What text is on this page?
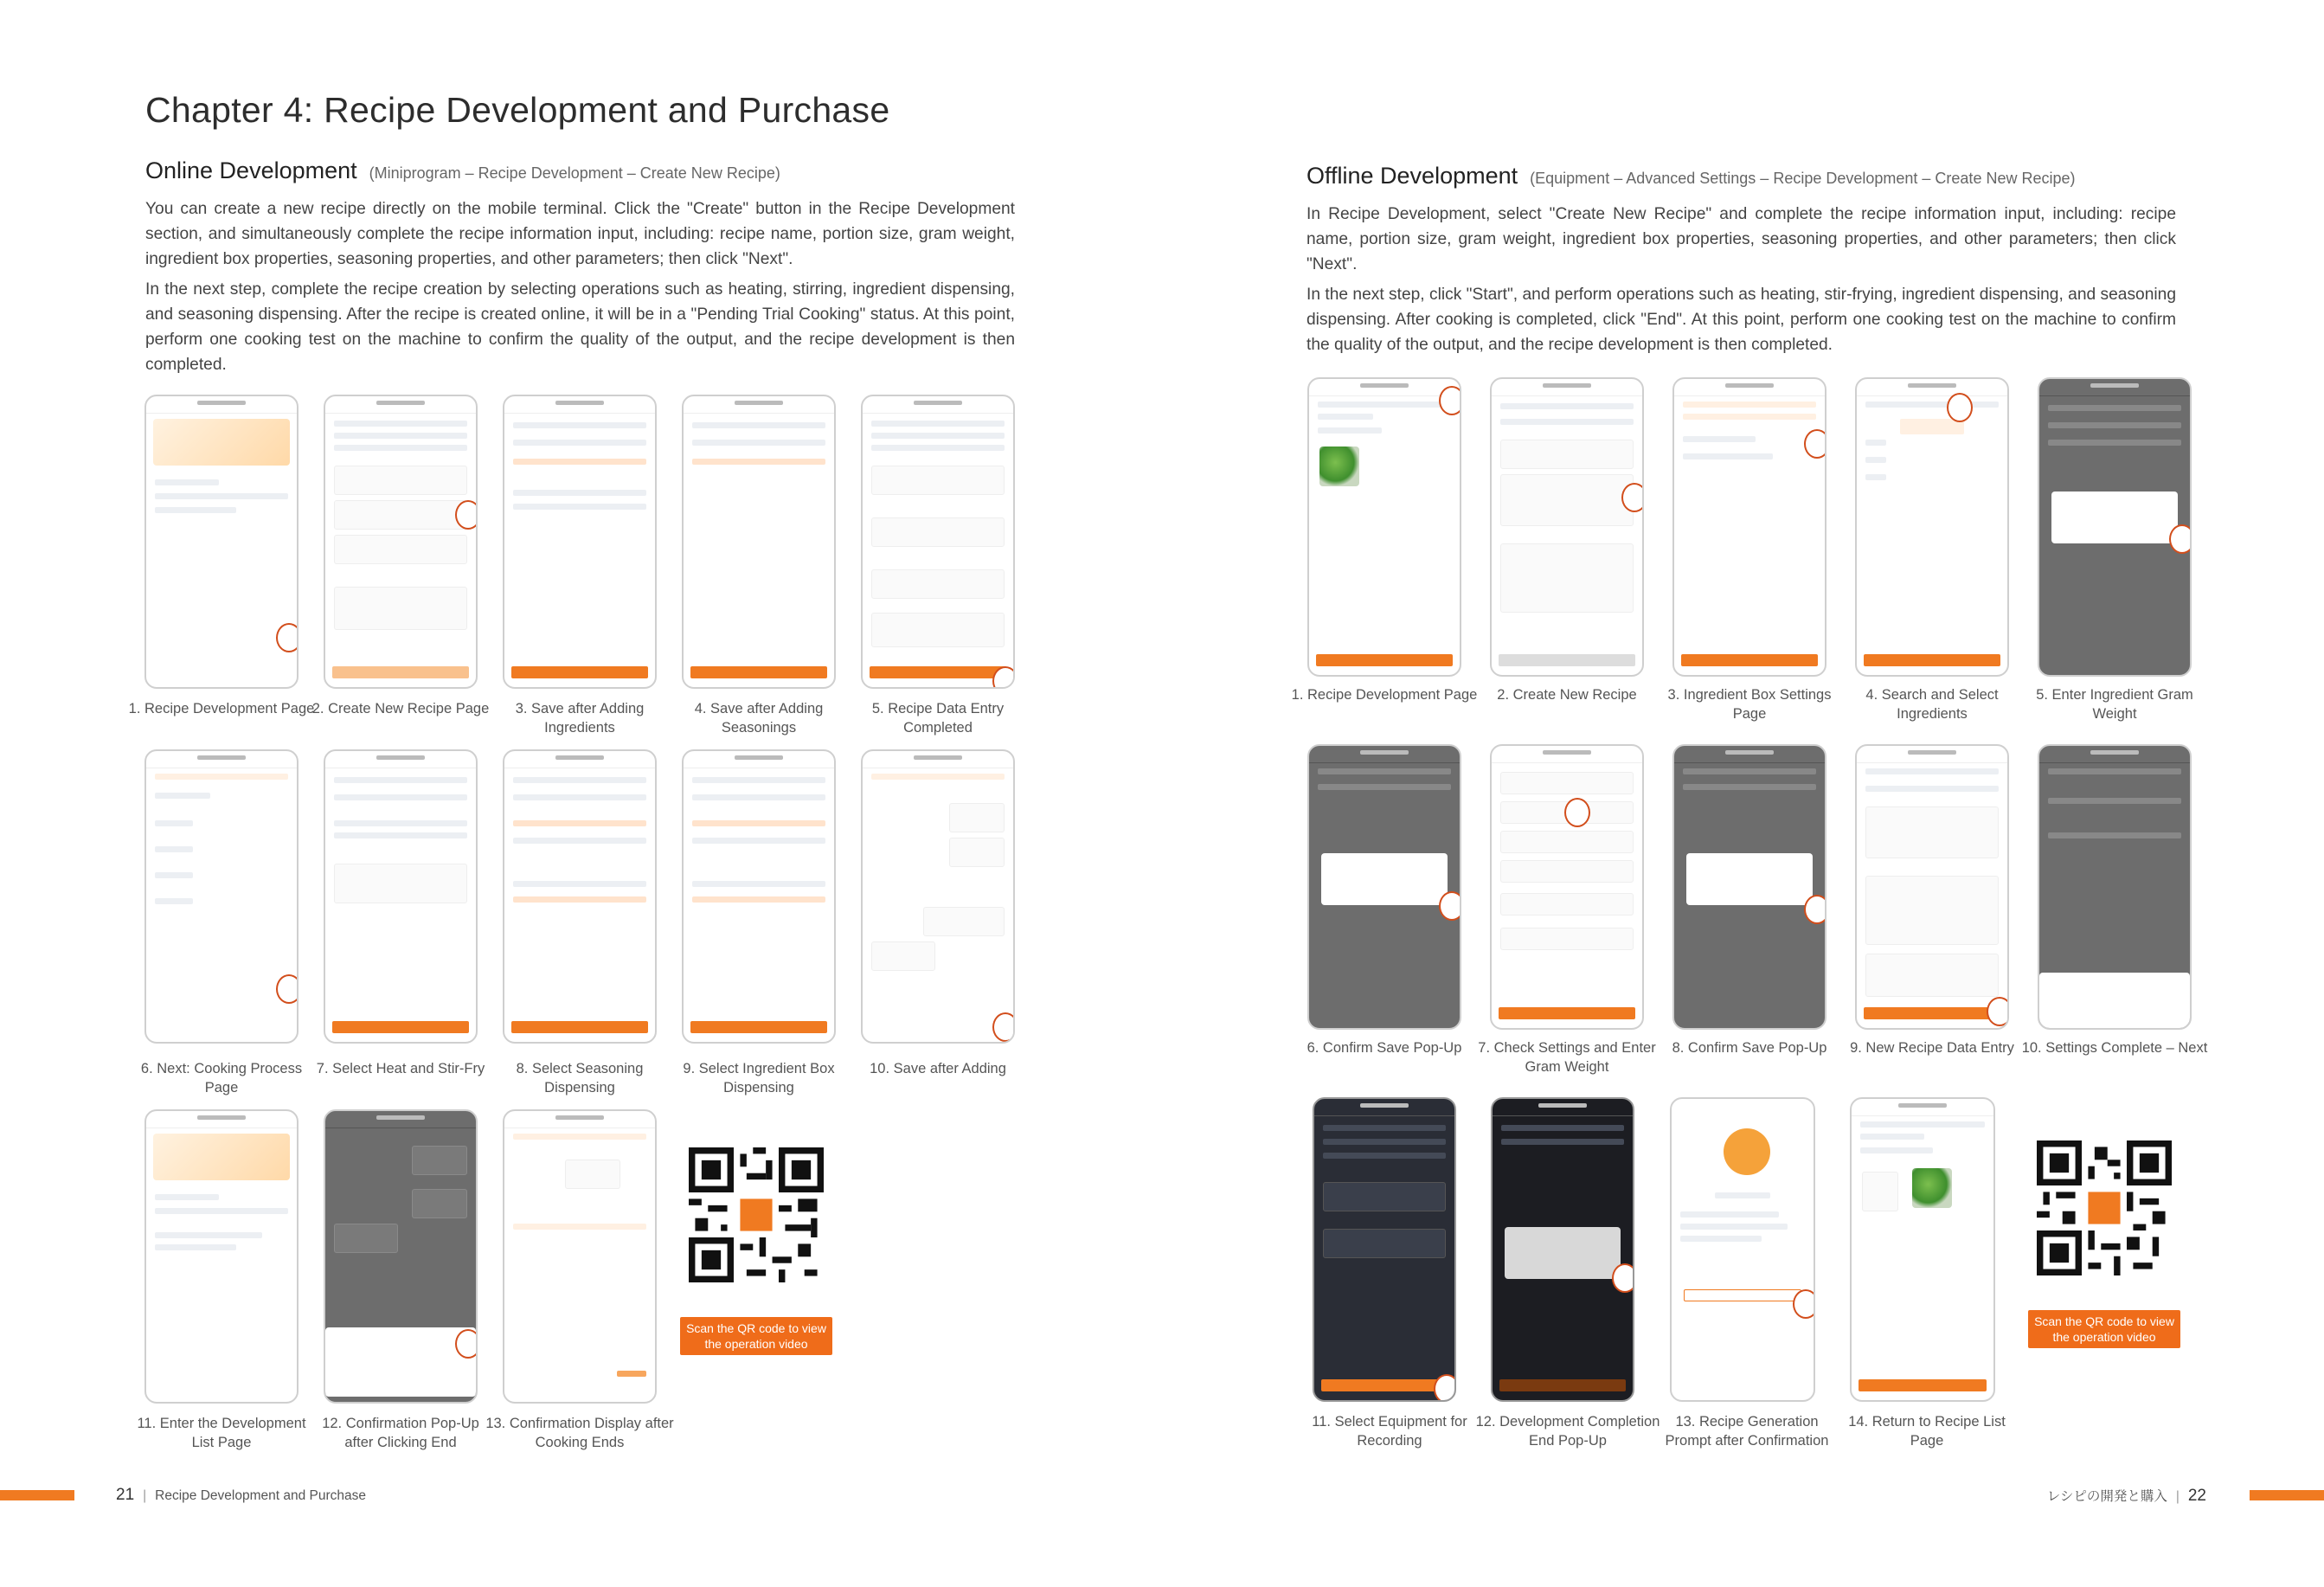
Chapter 4: Recipe Development and Purchase
Online Development (Miniprogram – Recipe Development – Create New Recipe)

You can create a new recipe directly on the mobile terminal. Click the "Create" button in the Recipe Development section, and simultaneously complete the recipe information input, including: recipe name, portion size, gram weight, ingredient box properties, seasoning properties, and other parameters; then click "Next".

In the next step, complete the recipe creation by selecting operations such as heating, stirring, ingredient dispensing, and seasoning dispensing. After the recipe is created online, it will be in a "Pending Trial Cooking" status. At this point, perform one cooking test on the machine to confirm the quality of the output, and the recipe development is then completed.

1. Recipe Development Page
2. Create New Recipe Page	3. Save after Adding Ingredients
4. Save after Adding Seasonings
5. Recipe Data Entry Completed
6. Next: Cooking Process Page
7. Select Heat and Stir-Fry	8. Select Seasoning Dispensing
9. Select Ingredient Box Dispensing
10. Save after Adding
11. Enter the Development List Page
12. Confirmation Pop-Up after Clicking End
13. Confirmation Display after Cooking Ends
Scan the QR code to view the operation video
21 | Recipe Development and Purchase
Offline Development (Equipment – Advanced Settings – Recipe Development – Create New Recipe)

In Recipe Development, select "Create New Recipe" and complete the recipe information input, including: recipe name, portion size, gram weight, ingredient box properties, seasoning properties, and other parameters; then click "Next".

In the next step, click "Start", and perform operations such as heating, stir-frying, ingredient dispensing, and seasoning dispensing. After cooking is completed, click "End". At this point, perform one cooking test on the machine to confirm the quality of the output, and the recipe development is then completed.

1. Recipe Development Page	2. Create New Recipe	3. Ingredient Box Settings Page
4. Search and Select Ingredients
5. Enter Ingredient Gram Weight
6. Confirm Save Pop-Up	7. Check Settings and Enter Gram Weight
8. Confirm Save Pop-Up	9. New Recipe Data Entry 10. Settings Complete – Next
11. Select Equipment for Recording
12. Development Completion End Pop-Up
13. Recipe Generation Prompt after Confirmation
14. Return to Recipe List Page
Scan the QR code to view the operation video
レシピの開発と購入 | 22
